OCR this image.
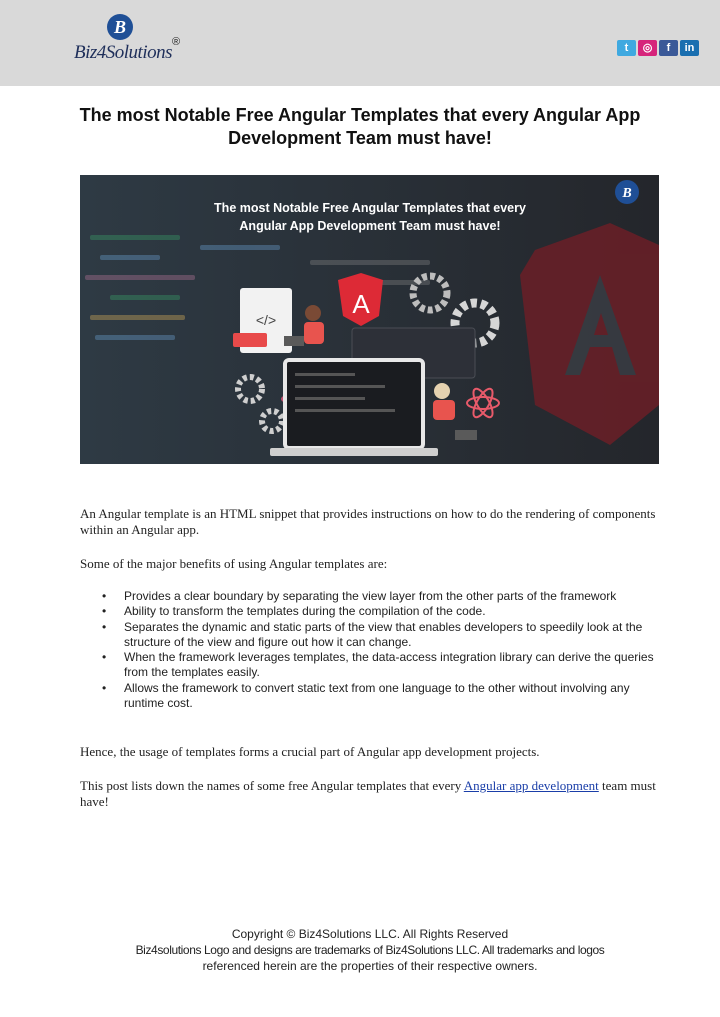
B
Biz4Solutions ®	t	◎	f	in
The most Notable Free Angular Templates that every Angular App Development Team must have!
B
</>
A
The most Notable Free Angular Templates that every
Angular App Development Team must have!
An Angular template is an HTML snippet that provides instructions on how to do the rendering of components within an Angular app.
Some of the major benefits of using Angular templates are:
• Provides a clear boundary by separating the view layer from the other parts of the framework
• Ability to transform the templates during the compilation of the code.
• Separates the dynamic and static parts of the view that enables developers to speedily look at the structure of the view and figure out how it can change.
• When the framework leverages templates, the data-access integration library can derive the queries from the templates easily.
• Allows the framework to convert static text from one language to the other without involving any runtime cost.
Hence, the usage of templates forms a crucial part of Angular app development projects.
This post lists down the names of some free Angular templates that every Angular app development team must have!
Copyright © Biz4Solutions LLC. All Rights Reserved
Biz4solutions Logo and designs are trademarks of Biz4Solutions LLC. All trademarks and logos
referenced herein are the properties of their respective owners.
